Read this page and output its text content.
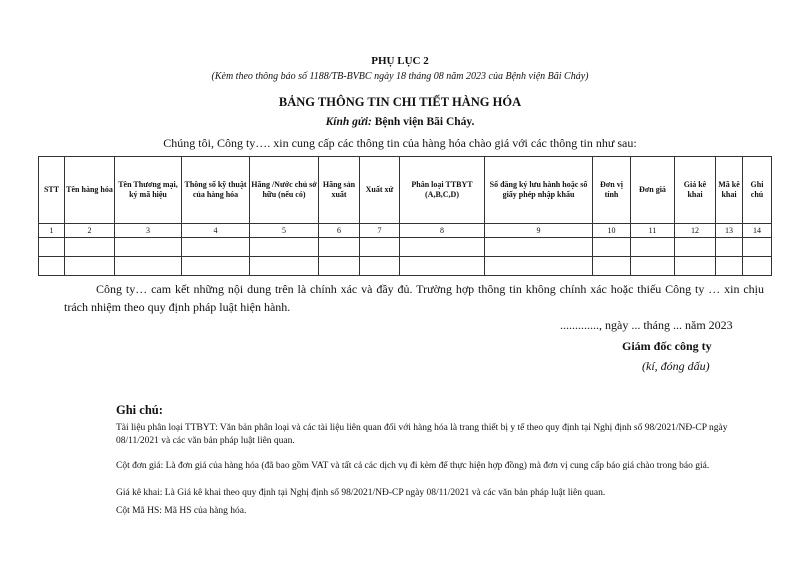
PHỤ LỤC 2
(Kèm theo thông báo số 1188/TB-BVBC ngày 18 tháng 08 năm 2023 của Bệnh viện Bãi Cháy)
BẢNG THÔNG TIN CHI TIẾT HÀNG HÓA
Kính gửi: Bệnh viện Bãi Cháy.
Chúng tôi, Công ty…. xin cung cấp các thông tin của hàng hóa chào giá với các thông tin như sau:
STT	Tên hàng hóa	Tên Thương mại, ký mã hiệu	Thông số kỹ thuật của hàng hóa	Hãng /Nước chủ sở hữu (nếu có)	Hãng sản xuất	Xuất xứ	Phân loại TTBYT (A,B,C,D)	Số đăng ký lưu hành hoặc số giấy phép nhập khẩu	Đơn vị tính	Đơn giá	Giá kê khai	Mã kê khai	Ghi chú
1	2	3	4	5	6	7	8	9	10	11	12	13	14

Công ty… cam kết những nội dung trên là chính xác và đầy đủ. Trường hợp thông tin không chính xác hoặc thiếu Công ty … xin chịu trách nhiệm theo quy định pháp luật hiện hành.

............., ngày ... tháng ... năm 2023
Giám đốc công ty
(kí, đóng dấu)
Ghi chú:

Tài liệu phân loại TTBYT: Văn bản phân loại và các tài liệu liên quan đối với hàng hóa là trang thiết bị y tế theo quy định tại Nghị định số 98/2021/NĐ-CP ngày 08/11/2021 và các văn bản pháp luật liên quan.

Cột đơn giá: Là đơn giá của hàng hóa (đã bao gồm VAT và tất cả các dịch vụ đi kèm để thực hiện hợp đồng) mà đơn vị cung cấp báo giá chào trong báo giá.

Giá kê khai: Là Giá kê khai theo quy định tại Nghị định số 98/2021/NĐ-CP ngày 08/11/2021 và các văn bản pháp luật liên quan.

Cột Mã HS: Mã HS của hàng hóa.
